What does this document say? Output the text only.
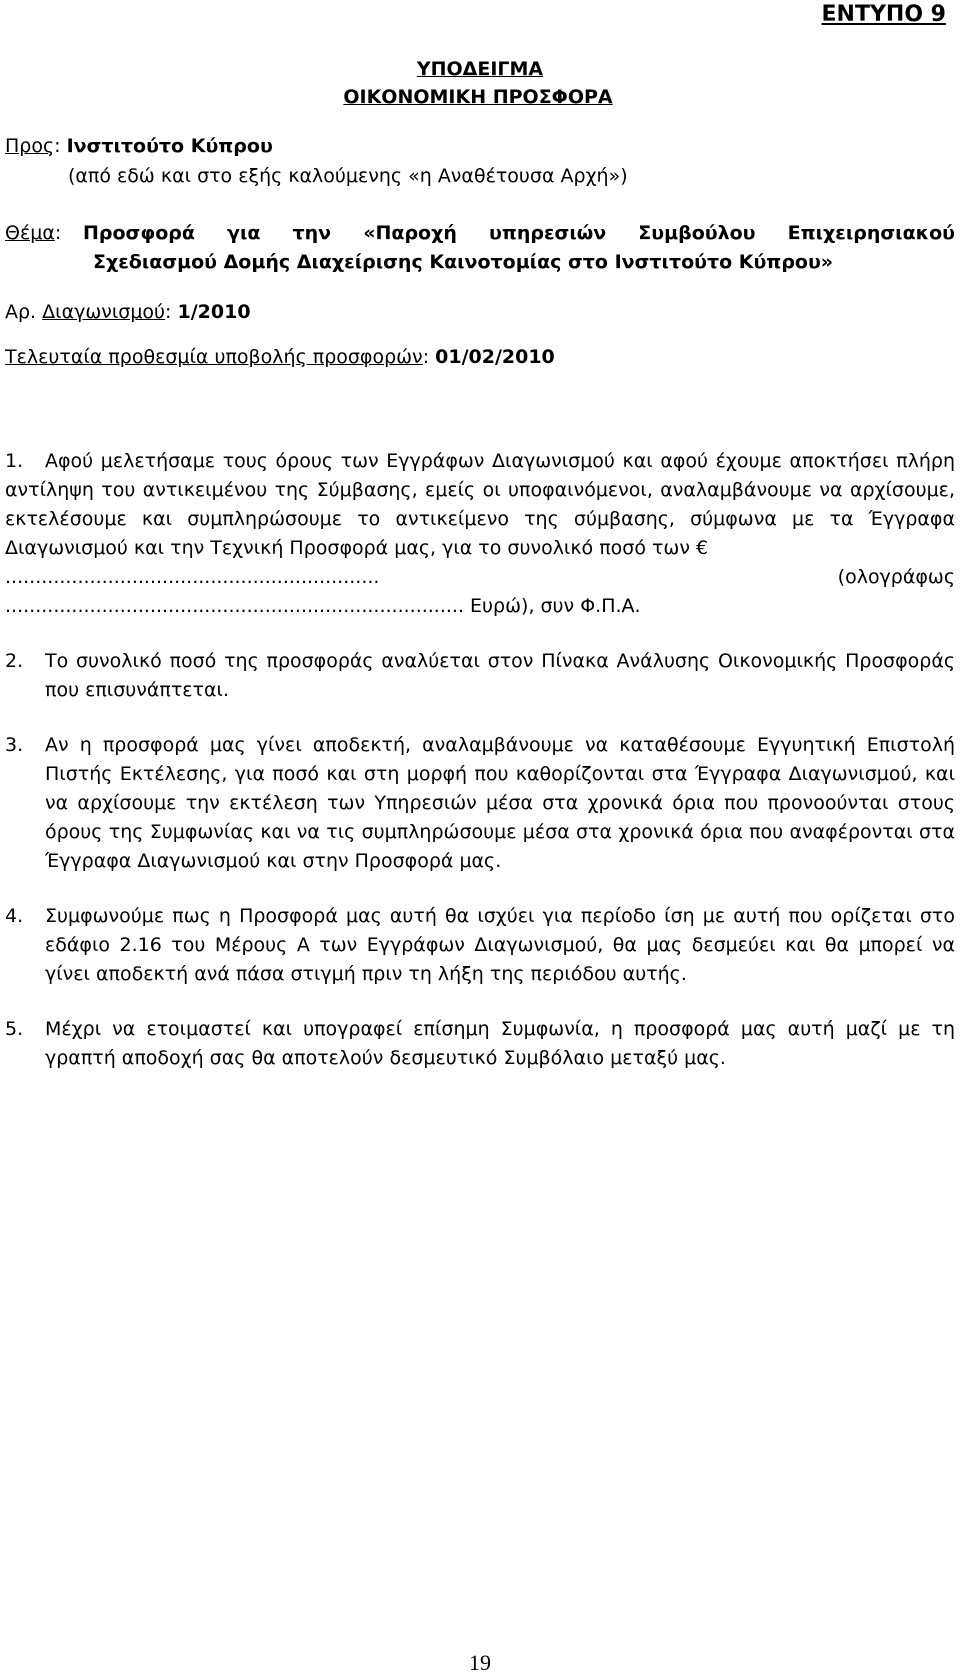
ΕΝΤΥΠΟ 9
ΥΠΟΔΕΙΓΜΑ
ΟΙΚΟΝΟΜΙΚΗ ΠΡΟΣΦΟΡΑ
Προς: Ινστιτούτο Κύπρου
(από εδώ και στο εξής καλούμενης «η Αναθέτουσα Αρχή»)
Θέμα: Προσφορά για την «Παροχή υπηρεσιών Συμβούλου Επιχειρησιακού
Σχεδιασμού Δομής Διαχείρισης Καινοτομίας στο Ινστιτούτο Κύπρου»
Αρ. Διαγωνισμού: 1/2010
Τελευταία προθεσμία υποβολής προσφορών: 01/02/2010
1. Αφού μελετήσαμε τους όρους των Εγγράφων Διαγωνισμού και αφού έχουμε αποκτήσει πλήρη αντίληψη του αντικειμένου της Σύμβασης, εμείς οι υποφαινόμενοι, αναλαμβάνουμε να αρχίσουμε, εκτελέσουμε και συμπληρώσουμε το αντικείμενο της σύμβασης, σύμφωνα με τα Έγγραφα Διαγωνισμού και την Τεχνική Προσφορά μας, για το συνολικό ποσό των €
..............................................................	(ολογράφως
............................................................................ Ευρώ), συν Φ.Π.Α.
2. Το συνολικό ποσό της προσφοράς αναλύεται στον Πίνακα Ανάλυσης Οικονομικής Προσφοράς που επισυνάπτεται.
3. Αν η προσφορά μας γίνει αποδεκτή, αναλαμβάνουμε να καταθέσουμε Εγγυητική Επιστολή Πιστής Εκτέλεσης, για ποσό και στη μορφή που καθορίζονται στα Έγγραφα Διαγωνισμού, και να αρχίσουμε την εκτέλεση των Υπηρεσιών μέσα στα χρονικά όρια που προνοούνται στους όρους της Συμφωνίας και να τις συμπληρώσουμε μέσα στα χρονικά όρια που αναφέρονται στα Έγγραφα Διαγωνισμού και στην Προσφορά μας.
4. Συμφωνούμε πως η Προσφορά μας αυτή θα ισχύει για περίοδο ίση με αυτή που ορίζεται στο εδάφιο 2.16 του Μέρους Α των Εγγράφων Διαγωνισμού, θα μας δεσμεύει και θα μπορεί να γίνει αποδεκτή ανά πάσα στιγμή πριν τη λήξη της περιόδου αυτής.
5. Μέχρι να ετοιμαστεί και υπογραφεί επίσημη Συμφωνία, η προσφορά μας αυτή μαζί με τη γραπτή αποδοχή σας θα αποτελούν δεσμευτικό Συμβόλαιο μεταξύ μας.
19
